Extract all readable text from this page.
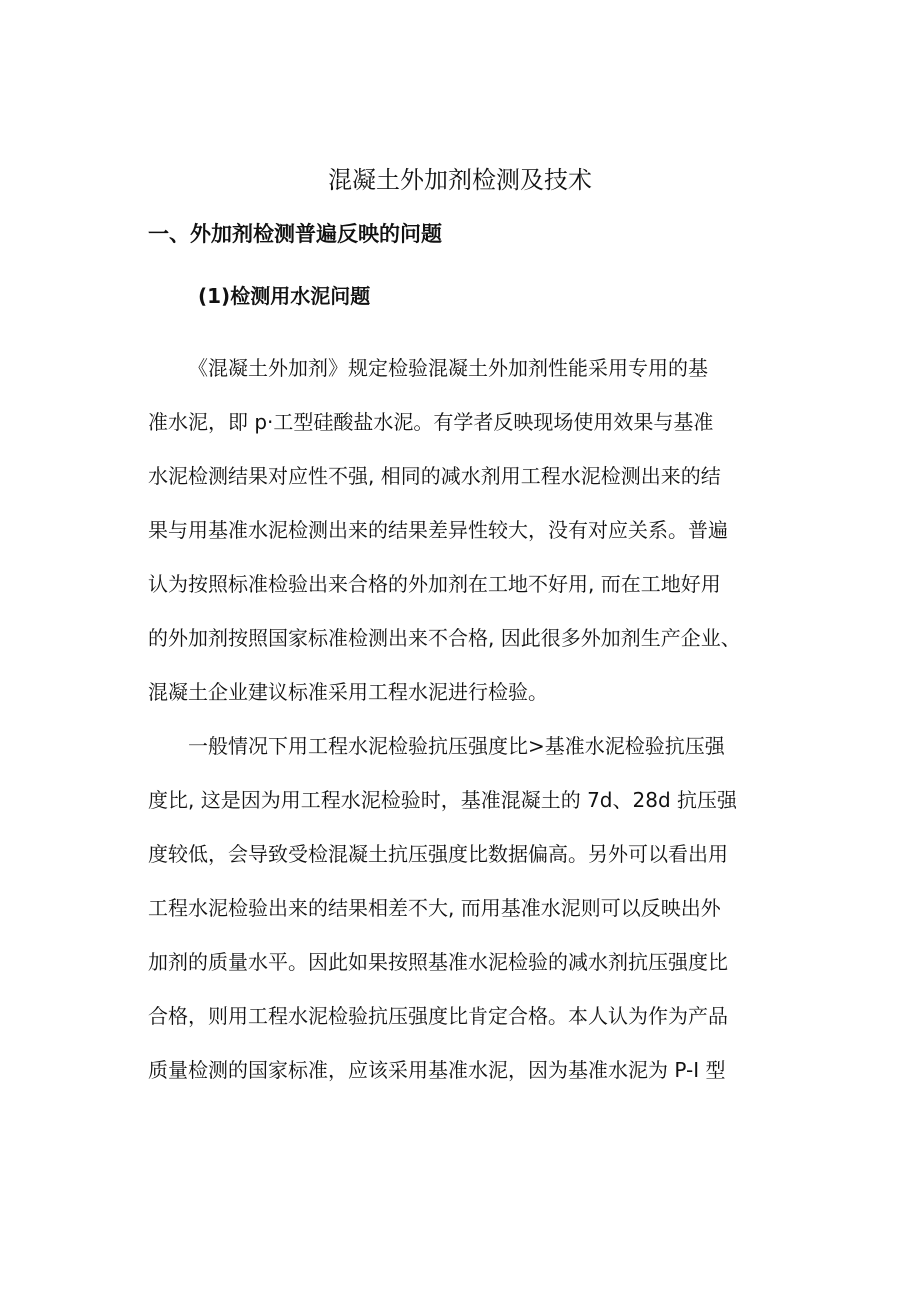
混凝土外加剂检测及技术
一、外加剂检测普遍反映的问题
(1)检测用水泥问题

《混凝土外加剂》规定检验混凝土外加剂性能采用专用的基

准水泥，即 p·工型硅酸盐水泥。有学者反映现场使用效果与基准

水泥检测结果对应性不强, 相同的减水剂用工程水泥检测出来的结

果与用基准水泥检测出来的结果差异性较大，没有对应关系。普遍

认为按照标准检验出来合格的外加剂在工地不好用, 而在工地好用

的外加剂按照国家标准检测出来不合格, 因此很多外加剂生产企业、

混凝土企业建议标准采用工程水泥进行检验。

一般情况下用工程水泥检验抗压强度比>基准水泥检验抗压强

度比, 这是因为用工程水泥检验时，基准混凝土的 7d、28d 抗压强

度较低，会导致受检混凝土抗压强度比数据偏高。另外可以看出用

工程水泥检验出来的结果相差不大, 而用基准水泥则可以反映出外

加剂的质量水平。因此如果按照基准水泥检验的减水剂抗压强度比

合格，则用工程水泥检验抗压强度比肯定合格。本人认为作为产品

质量检测的国家标准，应该采用基准水泥，因为基准水泥为 P-I 型
